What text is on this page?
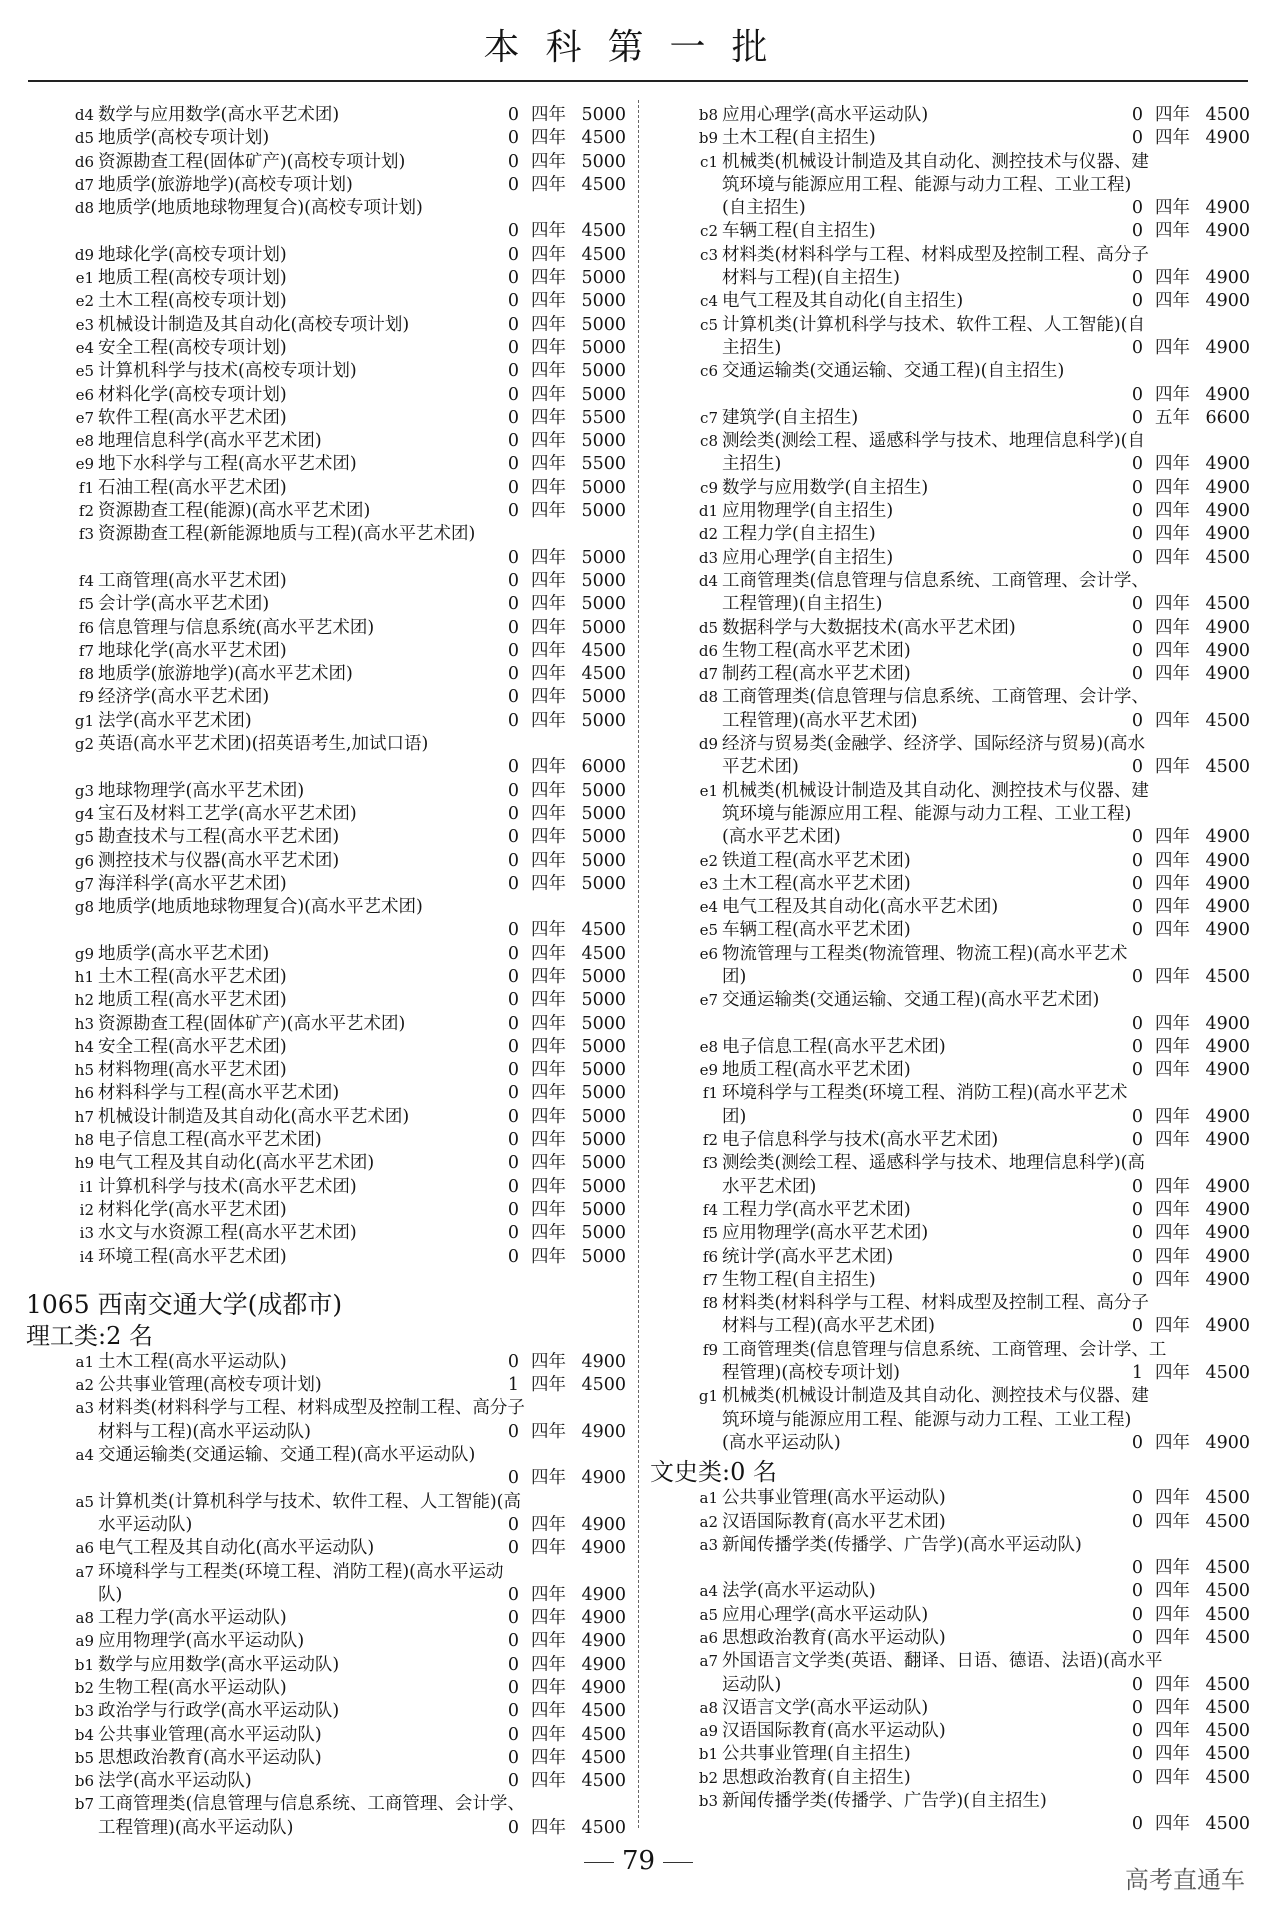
本科第一批
d4 数学与应用数学(高水平艺术团)	0 四年 5000
d5 地质学(高校专项计划)	0 四年 4500
d6 资源勘查工程(固体矿产)(高校专项计划)	0 四年 5000
d7 地质学(旅游地学)(高校专项计划)	0 四年 4500
d8 地质学(地质地球物理复合)(高校专项计划)

0 四年 4500
d9 地球化学(高校专项计划)	0 四年 4500
e1 地质工程(高校专项计划)	0 四年 5000
e2 土木工程(高校专项计划)	0 四年 5000
e3 机械设计制造及其自动化(高校专项计划)	0 四年 5000
e4 安全工程(高校专项计划)	0 四年 5000
e5 计算机科学与技术(高校专项计划)	0 四年 5000
e6 材料化学(高校专项计划)	0 四年 5000
e7 软件工程(高水平艺术团)	0 四年 5500
e8 地理信息科学(高水平艺术团)	0 四年 5000
e9 地下水科学与工程(高水平艺术团)	0 四年 5500
f1 石油工程(高水平艺术团)	0 四年 5000
f2 资源勘查工程(能源)(高水平艺术团)	0 四年 5000
f3 资源勘查工程(新能源地质与工程)(高水平艺术团)

0 四年 5000
f4 工商管理(高水平艺术团)	0 四年 5000
f5 会计学(高水平艺术团)	0 四年 5000
f6 信息管理与信息系统(高水平艺术团)	0 四年 5000
f7 地球化学(高水平艺术团)	0 四年 4500
f8 地质学(旅游地学)(高水平艺术团)	0 四年 4500
f9 经济学(高水平艺术团)	0 四年 5000
g1 法学(高水平艺术团)	0 四年 5000
g2 英语(高水平艺术团)(招英语考生,加试口语)

0 四年 6000
g3 地球物理学(高水平艺术团)	0 四年 5000
g4 宝石及材料工艺学(高水平艺术团)	0 四年 5000
g5 勘查技术与工程(高水平艺术团)	0 四年 5000
g6 测控技术与仪器(高水平艺术团)	0 四年 5000
g7 海洋科学(高水平艺术团)	0 四年 5000
g8 地质学(地质地球物理复合)(高水平艺术团)

0 四年 4500
g9 地质学(高水平艺术团)	0 四年 4500
h1 土木工程(高水平艺术团)	0 四年 5000
h2 地质工程(高水平艺术团)	0 四年 5000
h3 资源勘查工程(固体矿产)(高水平艺术团)	0 四年 5000
h4 安全工程(高水平艺术团)	0 四年 5000
h5 材料物理(高水平艺术团)	0 四年 5000
h6 材料科学与工程(高水平艺术团)	0 四年 5000
h7 机械设计制造及其自动化(高水平艺术团)	0 四年 5000
h8 电子信息工程(高水平艺术团)	0 四年 5000
h9 电气工程及其自动化(高水平艺术团)	0 四年 5000
i1 计算机科学与技术(高水平艺术团)	0 四年 5000
i2 材料化学(高水平艺术团)	0 四年 5000
i3 水文与水资源工程(高水平艺术团)	0 四年 5000
i4 环境工程(高水平艺术团)	0 四年 5000
1065 西南交通大学(成都市)
理工类:2 名
a1 土木工程(高水平运动队)	0 四年 4900
a2 公共事业管理(高校专项计划)	1 四年 4500
a3 材料类(材料科学与工程、材料成型及控制工程、高分子
材料与工程)(高水平运动队)	0 四年 4900
a4 交通运输类(交通运输、交通工程)(高水平运动队)

0 四年 4900
a5 计算机类(计算机科学与技术、软件工程、人工智能)(高
水平运动队)	0 四年 4900
a6 电气工程及其自动化(高水平运动队)	0 四年 4900
a7 环境科学与工程类(环境工程、消防工程)(高水平运动
队)	0 四年 4900
a8 工程力学(高水平运动队)	0 四年 4900
a9 应用物理学(高水平运动队)	0 四年 4900
b1 数学与应用数学(高水平运动队)	0 四年 4900
b2 生物工程(高水平运动队)	0 四年 4900
b3 政治学与行政学(高水平运动队)	0 四年 4500
b4 公共事业管理(高水平运动队)	0 四年 4500
b5 思想政治教育(高水平运动队)	0 四年 4500
b6 法学(高水平运动队)	0 四年 4500
b7 工商管理类(信息管理与信息系统、工商管理、会计学、
工程管理)(高水平运动队)	0 四年 4500
b8 应用心理学(高水平运动队)	0 四年 4500
b9 土木工程(自主招生)	0 四年 4900
c1 机械类(机械设计制造及其自动化、测控技术与仪器、建
筑环境与能源应用工程、能源与动力工程、工业工程)
(自主招生)	0 四年 4900
c2 车辆工程(自主招生)	0 四年 4900
c3 材料类(材料科学与工程、材料成型及控制工程、高分子
材料与工程)(自主招生)	0 四年 4900
c4 电气工程及其自动化(自主招生)	0 四年 4900
c5 计算机类(计算机科学与技术、软件工程、人工智能)(自
主招生)	0 四年 4900
c6 交通运输类(交通运输、交通工程)(自主招生)

0 四年 4900
c7 建筑学(自主招生)	0 五年 6600
c8 测绘类(测绘工程、遥感科学与技术、地理信息科学)(自
主招生)	0 四年 4900
c9 数学与应用数学(自主招生)	0 四年 4900
d1 应用物理学(自主招生)	0 四年 4900
d2 工程力学(自主招生)	0 四年 4900
d3 应用心理学(自主招生)	0 四年 4500
d4 工商管理类(信息管理与信息系统、工商管理、会计学、
工程管理)(自主招生)	0 四年 4500
d5 数据科学与大数据技术(高水平艺术团)	0 四年 4900
d6 生物工程(高水平艺术团)	0 四年 4900
d7 制药工程(高水平艺术团)	0 四年 4900
d8 工商管理类(信息管理与信息系统、工商管理、会计学、
工程管理)(高水平艺术团)	0 四年 4500
d9 经济与贸易类(金融学、经济学、国际经济与贸易)(高水
平艺术团)	0 四年 4500
e1 机械类(机械设计制造及其自动化、测控技术与仪器、建
筑环境与能源应用工程、能源与动力工程、工业工程)
(高水平艺术团)	0 四年 4900
e2 铁道工程(高水平艺术团)	0 四年 4900
e3 土木工程(高水平艺术团)	0 四年 4900
e4 电气工程及其自动化(高水平艺术团)	0 四年 4900
e5 车辆工程(高水平艺术团)	0 四年 4900
e6 物流管理与工程类(物流管理、物流工程)(高水平艺术
团)	0 四年 4500
e7 交通运输类(交通运输、交通工程)(高水平艺术团)

0 四年 4900
e8 电子信息工程(高水平艺术团)	0 四年 4900
e9 地质工程(高水平艺术团)	0 四年 4900
f1 环境科学与工程类(环境工程、消防工程)(高水平艺术
团)	0 四年 4900
f2 电子信息科学与技术(高水平艺术团)	0 四年 4900
f3 测绘类(测绘工程、遥感科学与技术、地理信息科学)(高
水平艺术团)	0 四年 4900
f4 工程力学(高水平艺术团)	0 四年 4900
f5 应用物理学(高水平艺术团)	0 四年 4900
f6 统计学(高水平艺术团)	0 四年 4900
f7 生物工程(自主招生)	0 四年 4900
f8 材料类(材料科学与工程、材料成型及控制工程、高分子
材料与工程)(高水平艺术团)	0 四年 4900
f9 工商管理类(信息管理与信息系统、工商管理、会计学、工
程管理)(高校专项计划)	1 四年 4500
g1 机械类(机械设计制造及其自动化、测控技术与仪器、建
筑环境与能源应用工程、能源与动力工程、工业工程)
(高水平运动队)	0 四年 4900
文史类:0 名
a1 公共事业管理(高水平运动队)	0 四年 4500
a2 汉语国际教育(高水平艺术团)	0 四年 4500
a3 新闻传播学类(传播学、广告学)(高水平运动队)

0 四年 4500
a4 法学(高水平运动队)	0 四年 4500
a5 应用心理学(高水平运动队)	0 四年 4500
a6 思想政治教育(高水平运动队)	0 四年 4500
a7 外国语言文学类(英语、翻译、日语、德语、法语)(高水平
运动队)	0 四年 4500
a8 汉语言文学(高水平运动队)	0 四年 4500
a9 汉语国际教育(高水平运动队)	0 四年 4500
b1 公共事业管理(自主招生)	0 四年 4500
b2 思想政治教育(自主招生)	0 四年 4500
b3 新闻传播学类(传播学、广告学)(自主招生)

0 四年 4500
79
高考直通车
